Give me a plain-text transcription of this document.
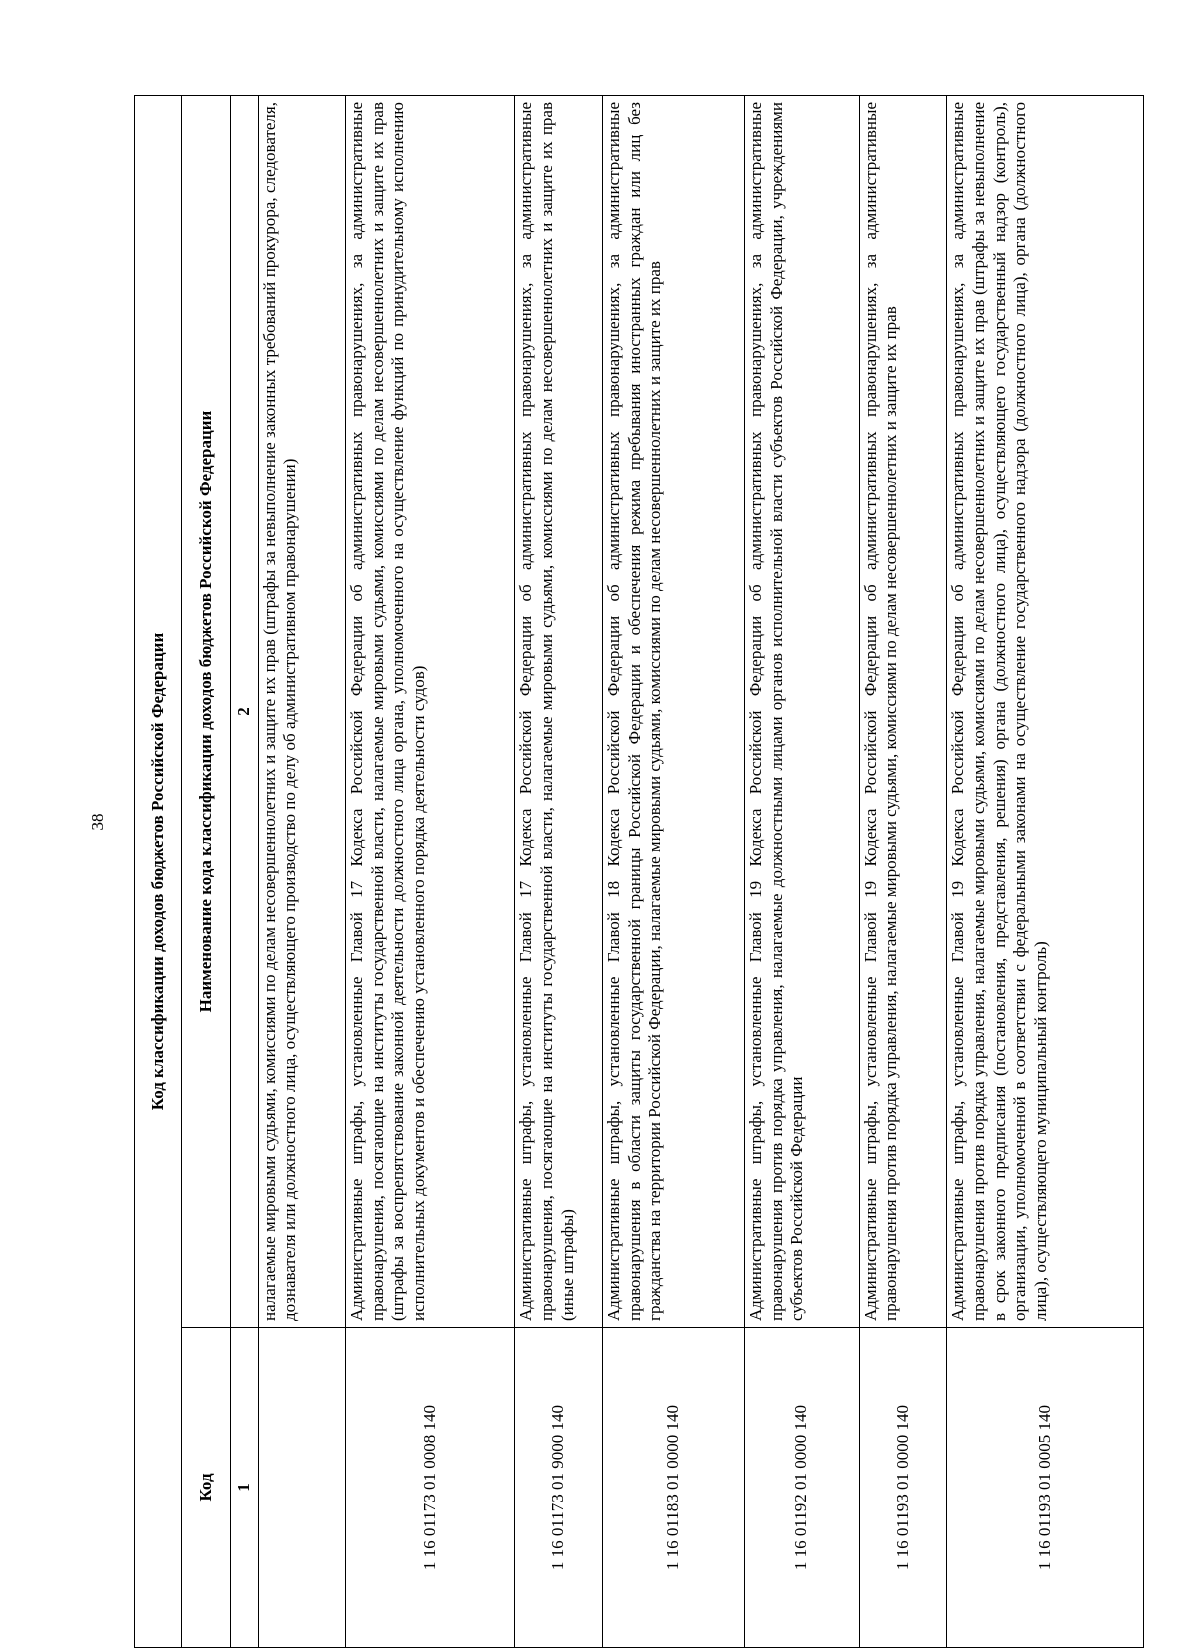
38 Код классификации доходов бюджетов Российской Федерации	
Код	Наименование кода классификации доходов бюджетов Российской Федерации
1	2
	налагаемые мировыми судьями, комиссиями по делам несовершеннолетних и защите их прав (штрафы за невыполнение законных требований прокурора, следователя, дознавателя или должностного лица, осуществляющего производство по делу об административном правонарушении)
1 16 01173 01 0008 140	Административные штрафы, установленные Главой 17 Кодекса Российской Федерации об административных правонарушениях, за административные правонарушения, посягающие на институты государственной власти, налагаемые мировыми судьями, комиссиями по делам несовершеннолетних и защите их прав (штрафы за воспрепятствование законной деятельности должностного лица органа, уполномоченного на осуществление функций по принудительному исполнению исполнительных документов и обеспечению установленного порядка деятельности судов)
1 16 01173 01 9000 140	Административные штрафы, установленные Главой 17 Кодекса Российской Федерации об административных правонарушениях, за административные правонарушения, посягающие на институты государственной власти, налагаемые мировыми судьями, комиссиями по делам несовершеннолетних и защите их прав (иные штрафы)
1 16 01183 01 0000 140	Административные штрафы, установленные Главой 18 Кодекса Российской Федерации об административных правонарушениях, за административные правонарушения в области защиты государственной границы Российской Федерации и обеспечения режима пребывания иностранных граждан или лиц без гражданства на территории Российской Федерации, налагаемые мировыми судьями, комиссиями по делам несовершеннолетних и защите их прав
1 16 01192 01 0000 140	Административные штрафы, установленные Главой 19 Кодекса Российской Федерации об административных правонарушениях, за административные правонарушения против порядка управления, налагаемые должностными лицами органов исполнительной власти субъектов Российской Федерации, учреждениями субъектов Российской Федерации
1 16 01193 01 0000 140	Административные штрафы, установленные Главой 19 Кодекса Российской Федерации об административных правонарушениях, за административные правонарушения против порядка управления, налагаемые мировыми судьями, комиссиями по делам несовершеннолетних и защите их прав
1 16 01193 01 0005 140	Административные штрафы, установленные Главой 19 Кодекса Российской Федерации об административных правонарушениях, за административные правонарушения против порядка управления, налагаемые мировыми судьями, комиссиями по делам несовершеннолетних и защите их прав (штрафы за невыполнение в срок законного предписания (постановления, представления, решения) органа (должностного лица), осуществляющего государственный надзор (контроль), организации, уполномоченной в соответствии с федеральными законами на осуществление государственного надзора (должностного лица), органа (должностного лица), осуществляющего муниципальный контроль)
